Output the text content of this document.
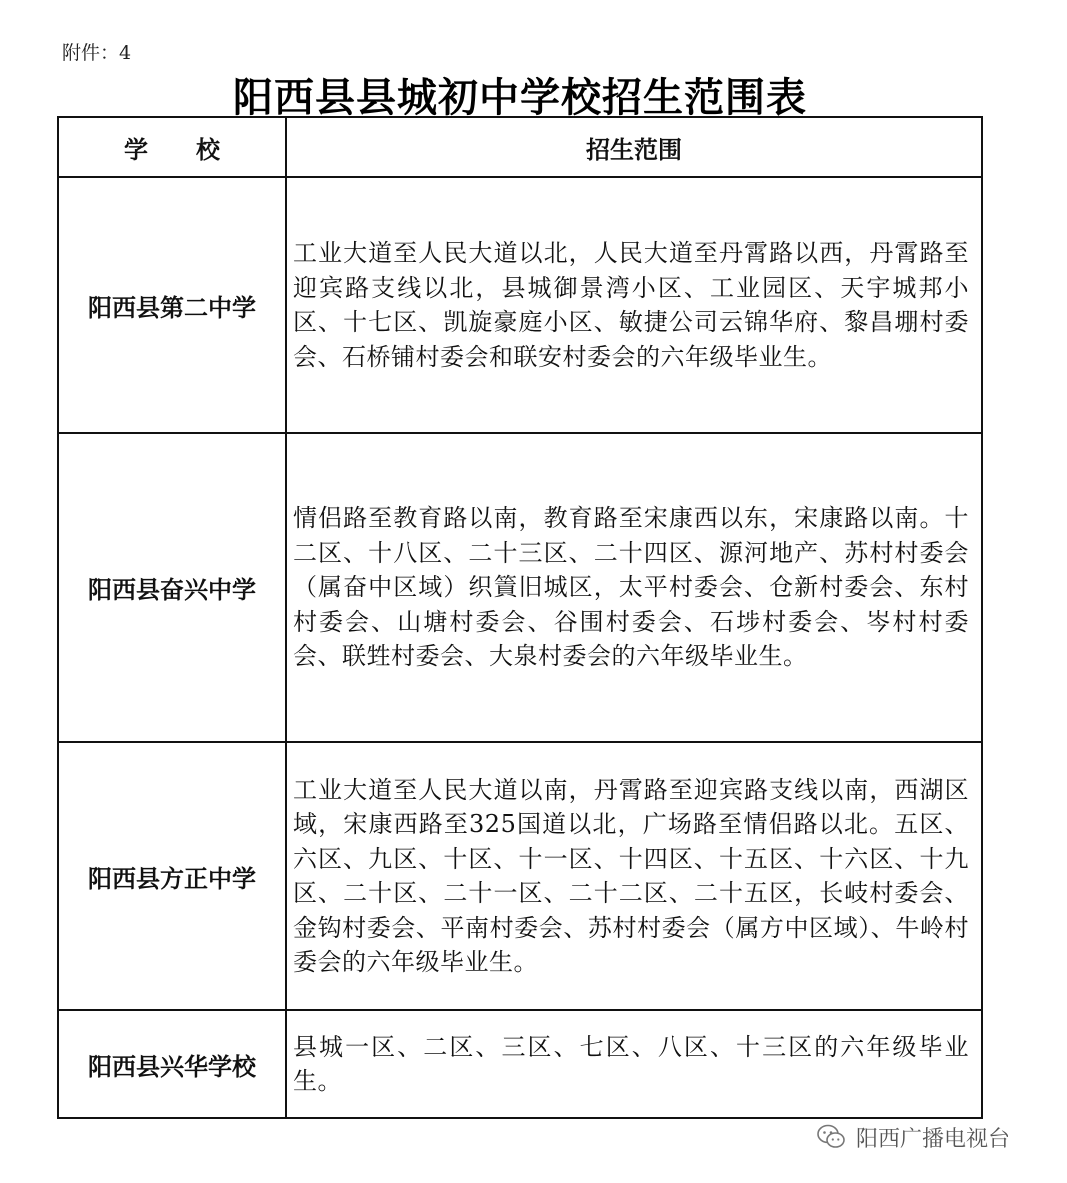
附件：4
阳西县县城初中学校招生范围表
学　　校	招生范围
阳西县第二中学	工业大道至人民大道以北，人民大道至丹霄路以西，丹霄路至迎宾路支线以北，县城御景湾小区、工业园区、天宇城邦小区、十七区、凯旋豪庭小区、敏捷公司云锦华府、黎昌堋村委会、石桥铺村委会和联安村委会的六年级毕业生。
阳西县奋兴中学	情侣路至教育路以南，教育路至宋康西以东，宋康路以南。十二区、十八区、二十三区、二十四区、源河地产、苏村村委会（属奋中区域）织篢旧城区，太平村委会、仓新村委会、东村村委会、山塘村委会、谷围村委会、石埗村委会、岑村村委会、联甡村委会、大泉村委会的六年级毕业生。
阳西县方正中学	工业大道至人民大道以南，丹霄路至迎宾路支线以南，西湖区域，宋康西路至325国道以北，广场路至情侣路以北。五区、六区、九区、十区、十一区、十四区、十五区、十六区、十九区、二十区、二十一区、二十二区、二十五区，长岐村委会、金钩村委会、平南村委会、苏村村委会（属方中区域）、牛岭村委会的六年级毕业生。
阳西县兴华学校	县城一区、二区、三区、七区、八区、十三区的六年级毕业生。
阳西广播电视台
